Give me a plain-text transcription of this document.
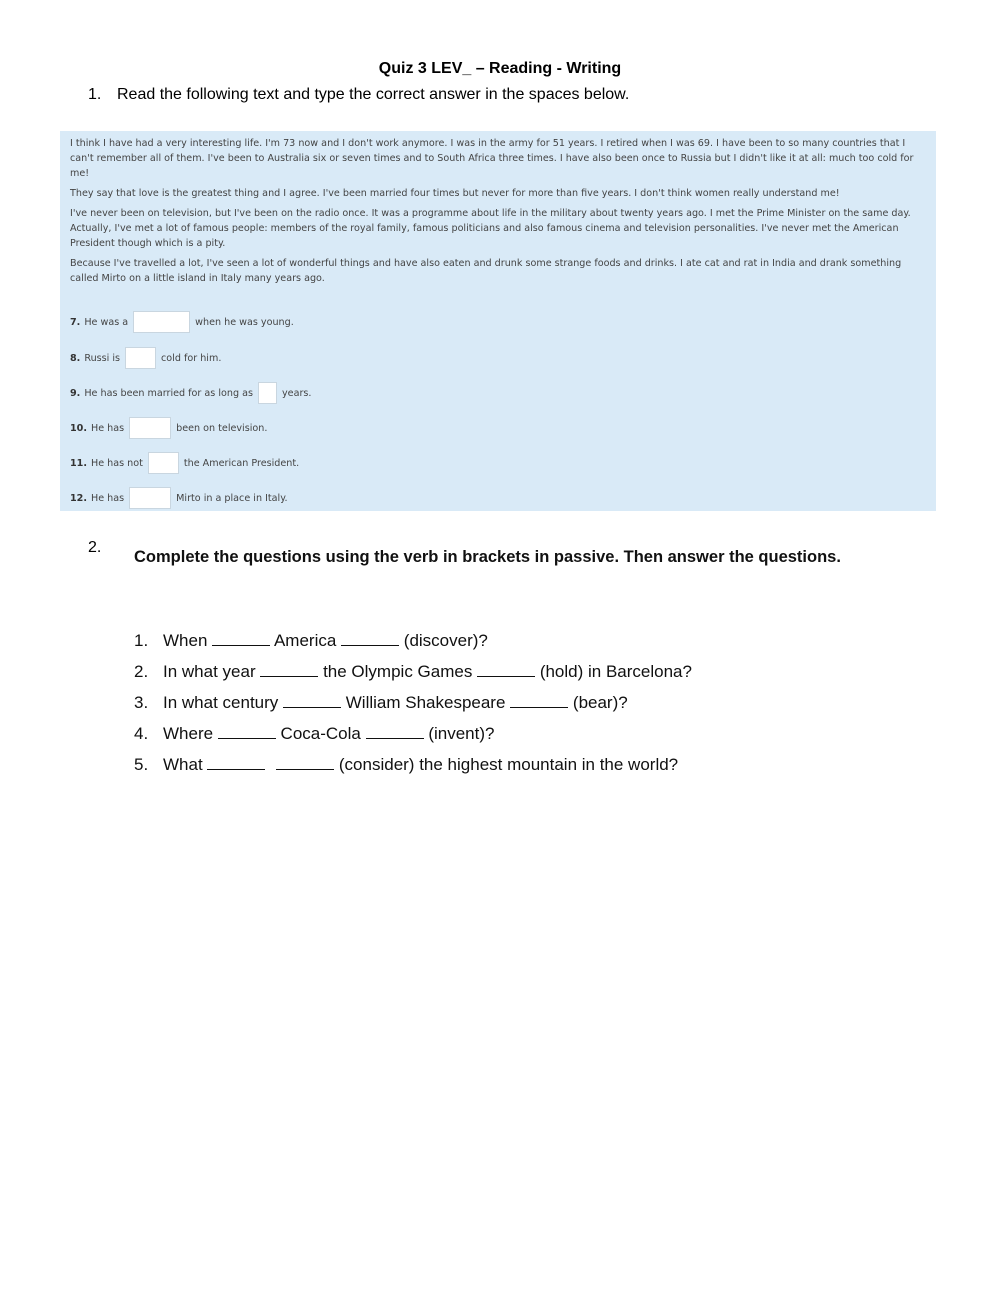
Quiz 3 LEV_ – Reading - Writing
1. Read the following text and type the correct answer in the spaces below.

I think I have had a very interesting life. I'm 73 now and I don't work anymore. I was in the army for 51 years. I retired when I was 69. I have been to so many countries that I can't remember all of them. I've been to Australia six or seven times and to South Africa three times. I have also been once to Russia but I didn't like it at all: much too cold for me!

They say that love is the greatest thing and I agree. I've been married four times but never for more than five years. I don't think women really understand me!

I've never been on television, but I've been on the radio once. It was a programme about life in the military about twenty years ago. I met the Prime Minister on the same day. Actually, I've met a lot of famous people: members of the royal family, famous politicians and also famous cinema and television personalities. I've never met the American President though which is a pity.

Because I've travelled a lot, I've seen a lot of wonderful things and have also eaten and drunk some strange foods and drinks. I ate cat and rat in India and drank something called Mirto on a little island in Italy many years ago.

7. He was a	when he was young.
8. Russi is	cold for him.
9. He has been married for as long as	years.
10. He has	been on television.
11. He has not	the American President.
12. He has	Mirto in a place in Italy.
2.
Complete the questions using the verb in brackets in passive. Then answer the questions.
1. When	America	(discover)?
2. In what year	the Olympic Games	(hold) in Barcelona?
3. In what century	William Shakespeare	(bear)?
4. Where	Coca-Cola	(invent)?
5. What	(consider) the highest mountain in the world?
